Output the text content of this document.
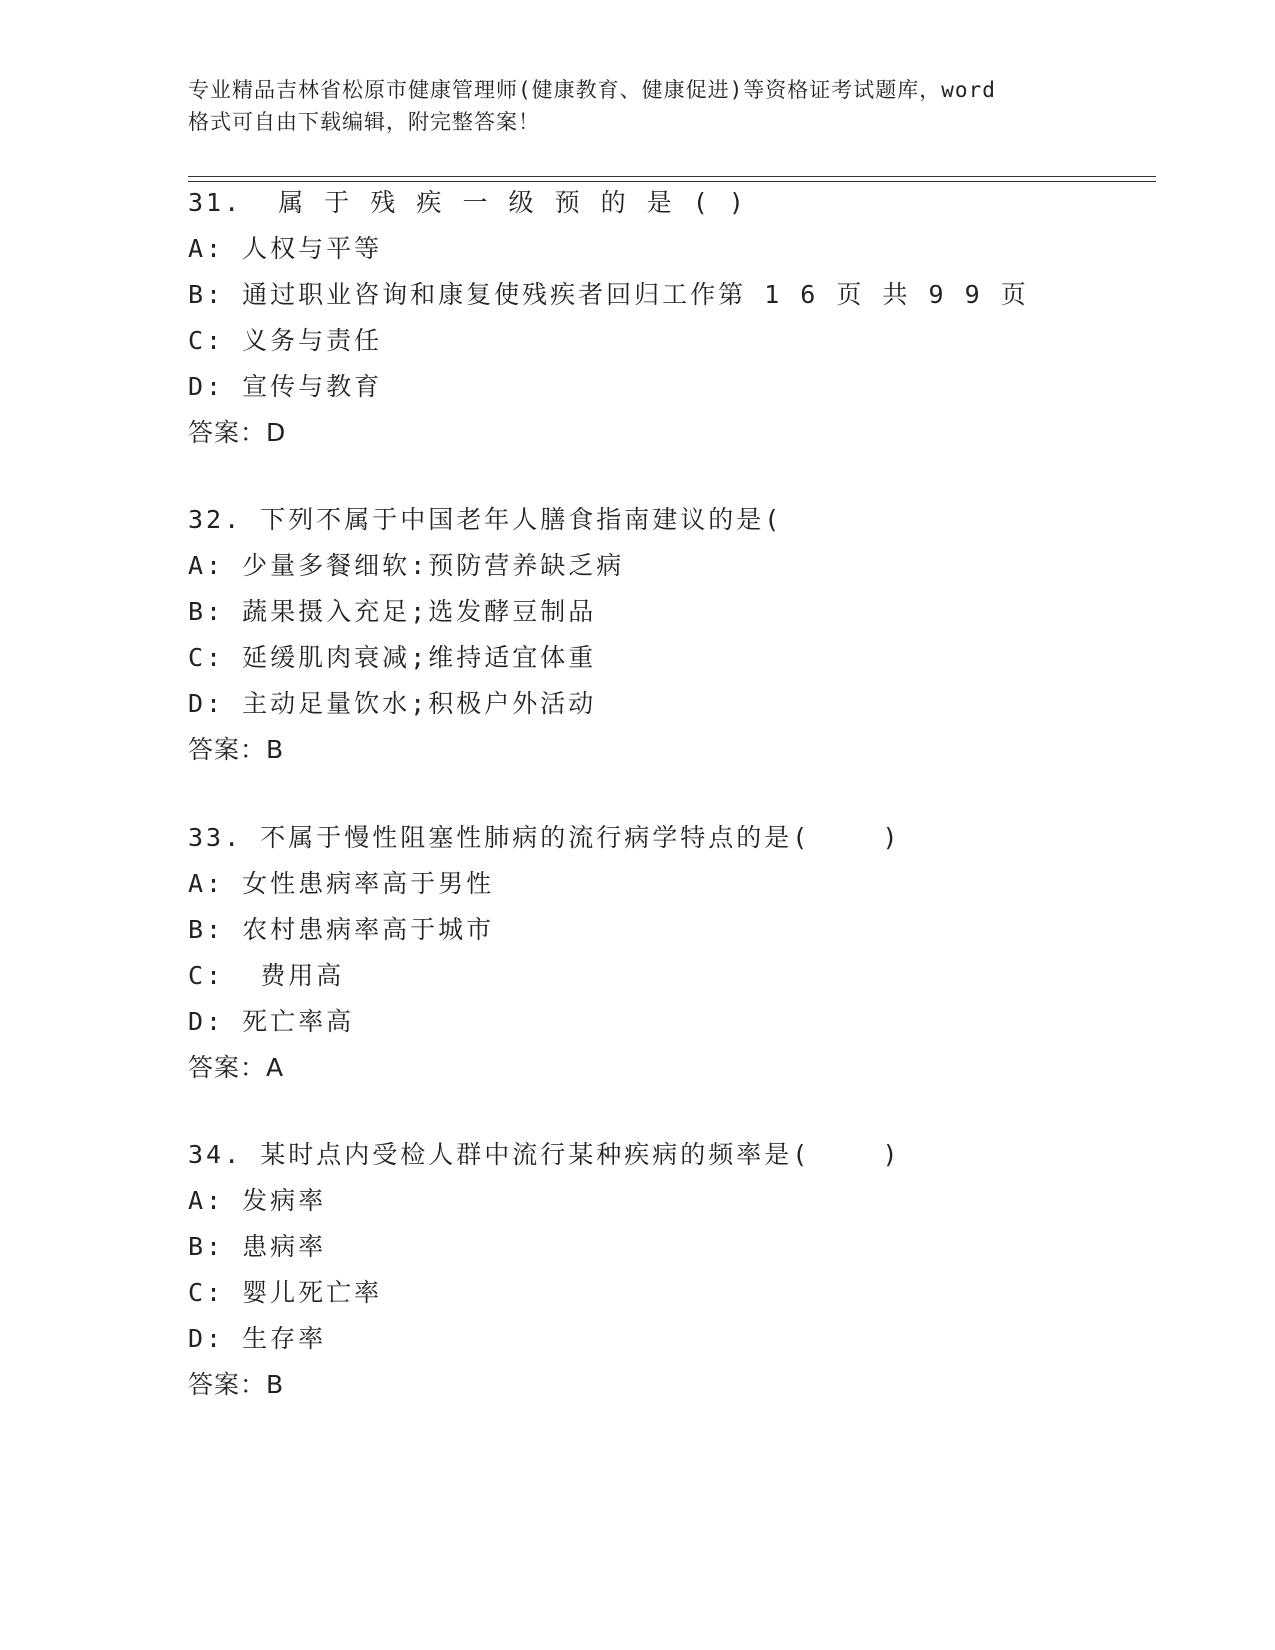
专业精品吉林省松原市健康管理师(健康教育、健康促进)等资格证考试题库，word
格式可自由下载编辑，附完整答案！
31.  属 于 残 疾 一 级 预 的 是 ( )
A: 人权与平等
B: 通过职业咨询和康复使残疾者回归工作第 1 6 页 共 9 9 页
C: 义务与责任
D: 宣传与教育
答案：D
32. 下列不属于中国老年人膳食指南建议的是(
A: 少量多餐细软:预防营养缺乏病
B: 蔬果摄入充足;选发酵豆制品
C: 延缓肌肉衰减;维持适宜体重
D: 主动足量饮水;积极户外活动
答案：B
33. 不属于慢性阻塞性肺病的流行病学特点的是(    )
A: 女性患病率高于男性
B: 农村患病率高于城市
C:  费用高
D: 死亡率高
答案：A
34. 某时点内受检人群中流行某种疾病的频率是(    )
A: 发病率
B: 患病率
C: 婴儿死亡率
D: 生存率
答案：B
